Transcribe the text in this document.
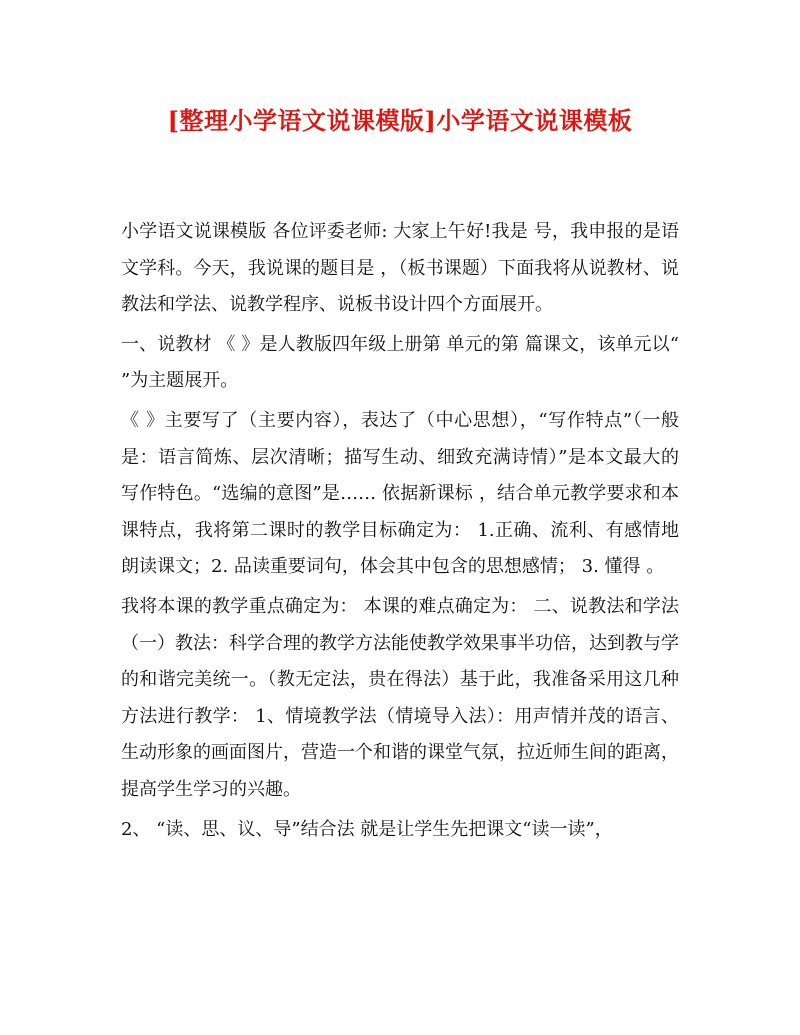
[整理小学语文说课模版]小学语文说课模板

小学语文说课模版 各位评委老师: 大家上午好!我是 号，我申报的是语文学科。今天，我说课的题目是 ，（板书课题）下面我将从说教材、说教法和学法、说教学程序、说板书设计四个方面展开。

一、说教材 《 》是人教版四年级上册第 单元的第 篇课文，该单元以“ ”为主题展开。

《 》主要写了（主要内容），表达了（中心思想），“写作特点”（一般是：语言简炼、层次清晰；描写生动、细致充满诗情）”是本文最大的写作特色。“选编的意图”是…… 依据新课标 ，结合单元教学要求和本课特点，我将第二课时的教学目标确定为： 1.正确、流利、有感情地朗读课文；2. 品读重要词句，体会其中包含的思想感情； 3. 懂得 。

我将本课的教学重点确定为： 本课的难点确定为： 二、说教法和学法 （一）教法：科学合理的教学方法能使教学效果事半功倍，达到教与学的和谐完美统一。（教无定法，贵在得法）基于此，我准备采用这几种方法进行教学： 1、情境教学法（情境导入法）：用声情并茂的语言、生动形象的画面图片，营造一个和谐的课堂气氛，拉近师生间的距离，提高学生学习的兴趣。

2、 “读、思、议、导”结合法 就是让学生先把课文“读一读”，
